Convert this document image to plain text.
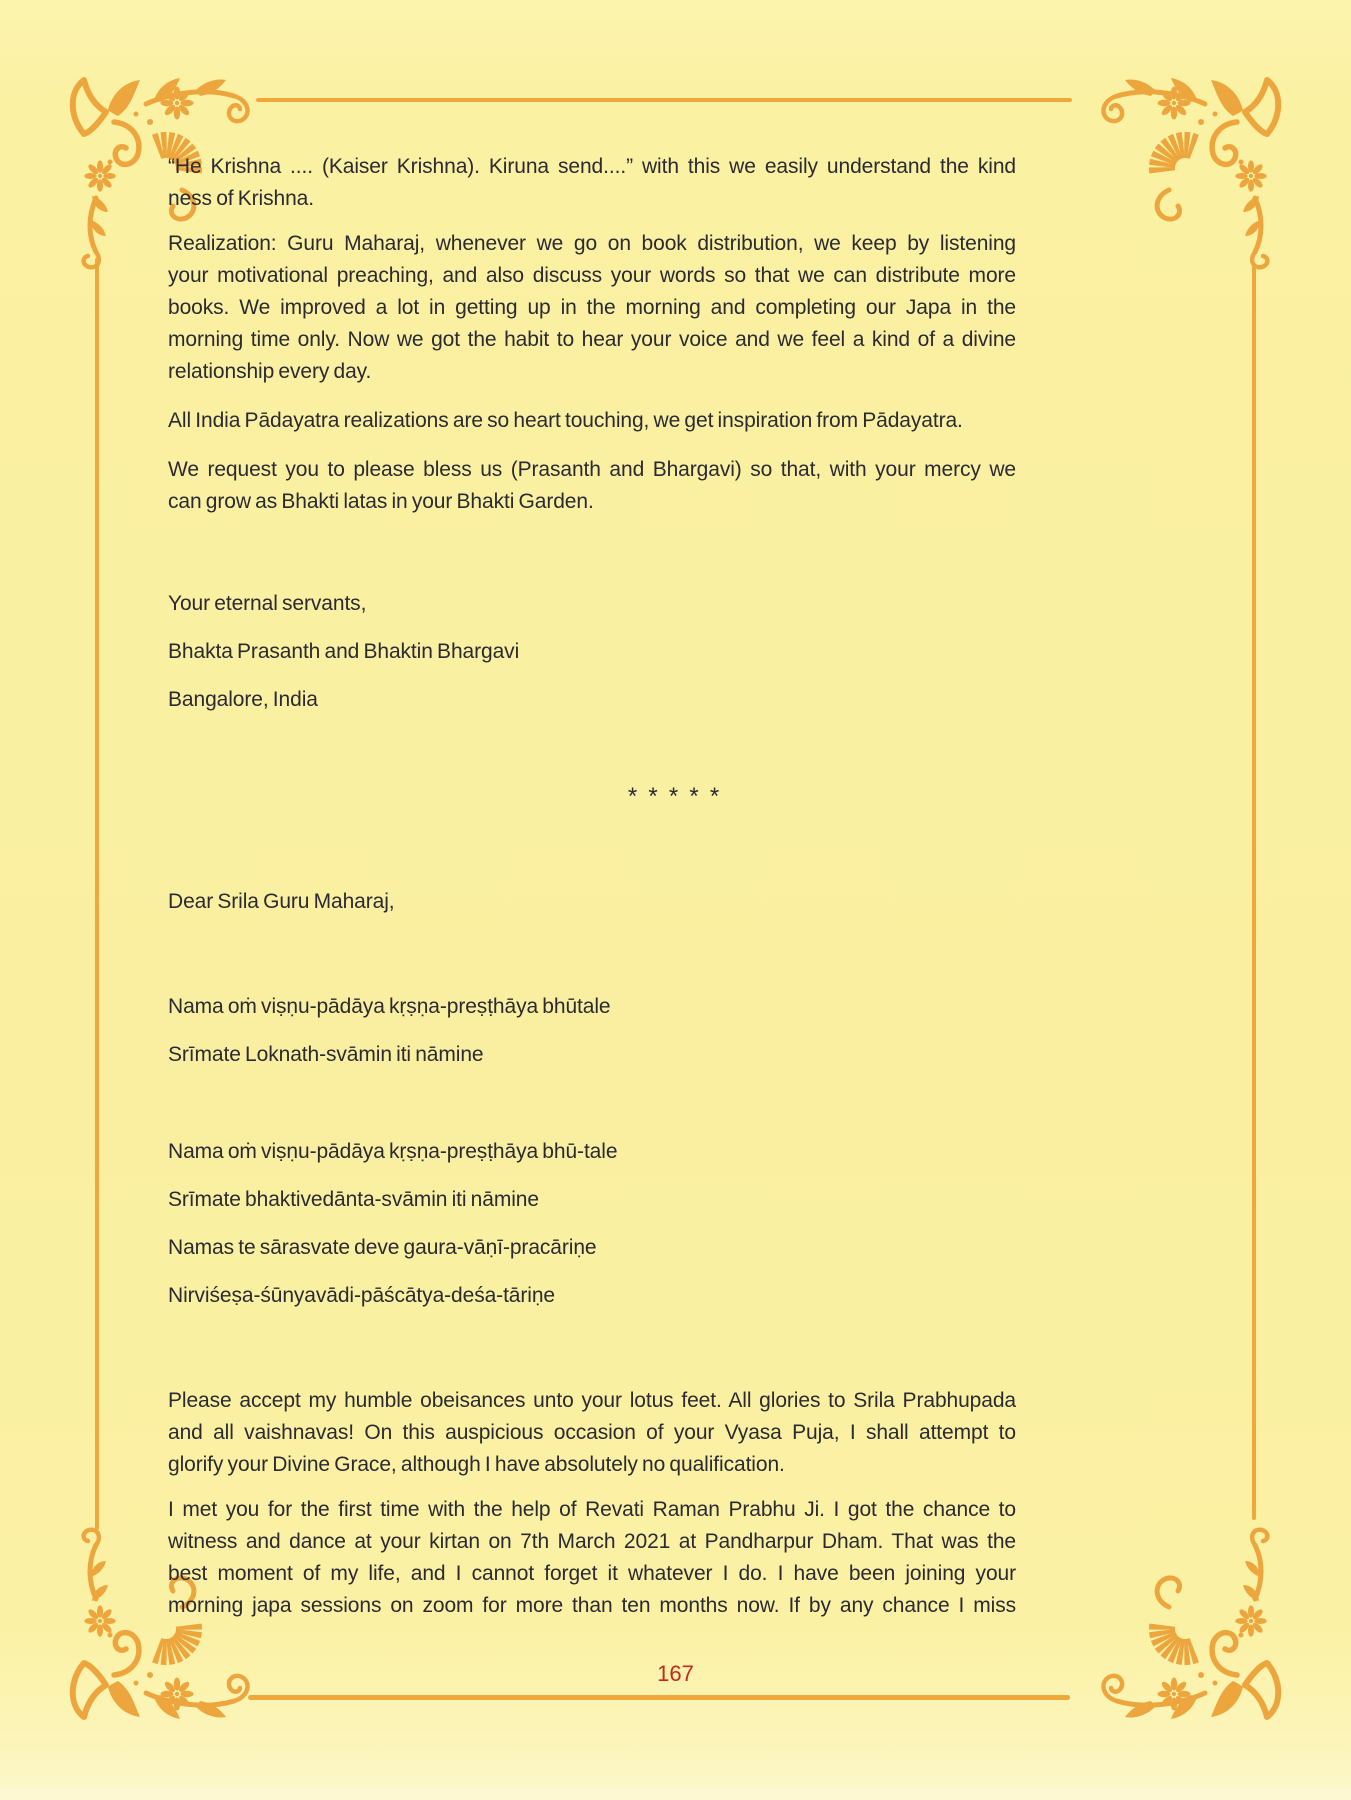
“He Krishna .... (Kaiser Krishna). Kiruna send....” with this we easily understand the kind
ness of Krishna.
Realization: Guru Maharaj, whenever we go on book distribution, we keep by listening
your motivational preaching, and also discuss your words so that we can distribute more
books. We improved a lot in getting up in the morning and completing our Japa in the
morning time only. Now we got the habit to hear your voice and we feel a kind of a divine
relationship every day.
All India Pādayatra realizations are so heart touching, we get inspiration from Pādayatra.
We request you to please bless us (Prasanth and Bhargavi) so that, with your mercy we
can grow as Bhakti latas in your Bhakti Garden.
Your eternal servants,
Bhakta Prasanth and Bhaktin Bhargavi
Bangalore, India
* * * * *
Dear Srila Guru Maharaj,
Nama oṁ viṣṇu-pādāya kṛṣṇa-preṣṭhāya bhūtale
Srīmate Loknath-svāmin iti nāmine
Nama oṁ viṣṇu-pādāya kṛṣṇa-preṣṭhāya bhū-tale
Srīmate bhaktivedānta-svāmin iti nāmine
Namas te sārasvate deve gaura-vāṇī-pracāriṇe
Nirviśeṣa-śūnyavādi-pāścātya-deśa-tāriṇe
Please accept my humble obeisances unto your lotus feet. All glories to Srila Prabhupada
and all vaishnavas! On this auspicious occasion of your Vyasa Puja, I shall attempt to
glorify your Divine Grace, although I have absolutely no qualification.
I met you for the first time with the help of Revati Raman Prabhu Ji. I got the chance to
witness and dance at your kirtan on 7th March 2021 at Pandharpur Dham. That was the
best moment of my life, and I cannot forget it whatever I do. I have been joining your
morning japa sessions on zoom for more than ten months now. If by any chance I miss
167
